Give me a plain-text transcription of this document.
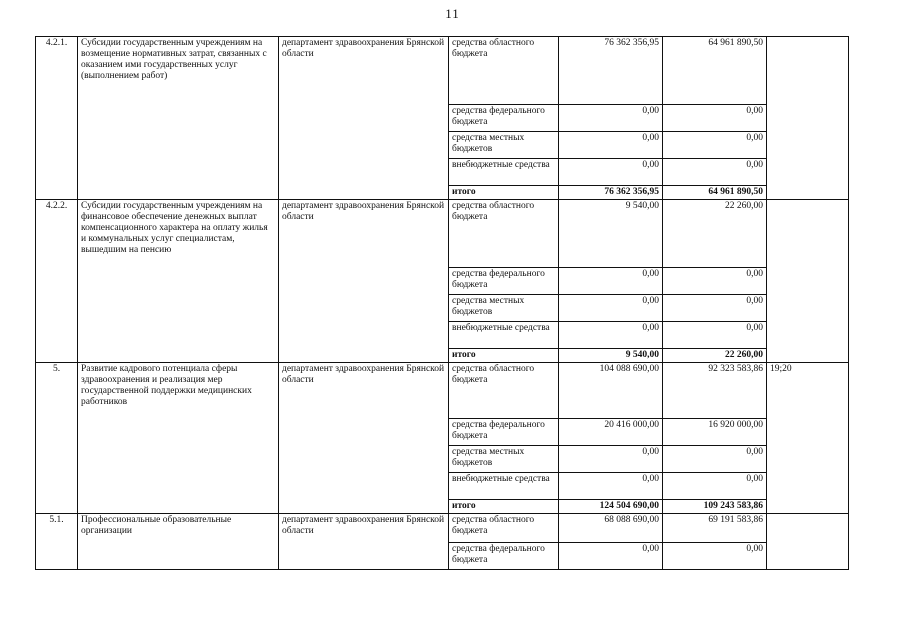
11
4.2.1.	Субсидии государственным учреждениям на возмещение нормативных затрат, связанных с оказанием ими государственных услуг (выполнением работ)	департамент здравоохранения Брянской области	средства областного бюджета	76 362 356,95	64 961 890,50	
			средства федерального бюджета	0,00	0,00	
			средства местных бюджетов	0,00	0,00	
			внебюджетные средства	0,00	0,00	
			итого	76 362 356,95	64 961 890,50	
4.2.2.	Субсидии государственным учреждениям на финансовое обеспечение денежных выплат компенсационного характера на оплату жилья и коммунальных услуг специалистам, вышедшим на пенсию	департамент здравоохранения Брянской области	средства областного бюджета	9 540,00	22 260,00	
			средства федерального бюджета	0,00	0,00	
			средства местных бюджетов	0,00	0,00	
			внебюджетные средства	0,00	0,00	
			итого	9 540,00	22 260,00	
5.	Развитие кадрового потенциала сферы здравоохранения и реализация мер государственной поддержки медицинских работников	департамент здравоохранения Брянской области	средства областного бюджета	104 088 690,00	92 323 583,86	19;20
			средства федерального бюджета	20 416 000,00	16 920 000,00	
			средства местных бюджетов	0,00	0,00	
			внебюджетные средства	0,00	0,00	
			итого	124 504 690,00	109 243 583,86	
5.1.	Профессиональные образовательные организации	департамент здравоохранения Брянской области	средства областного бюджета	68 088 690,00	69 191 583,86	
			средства федерального бюджета	0,00	0,00	
